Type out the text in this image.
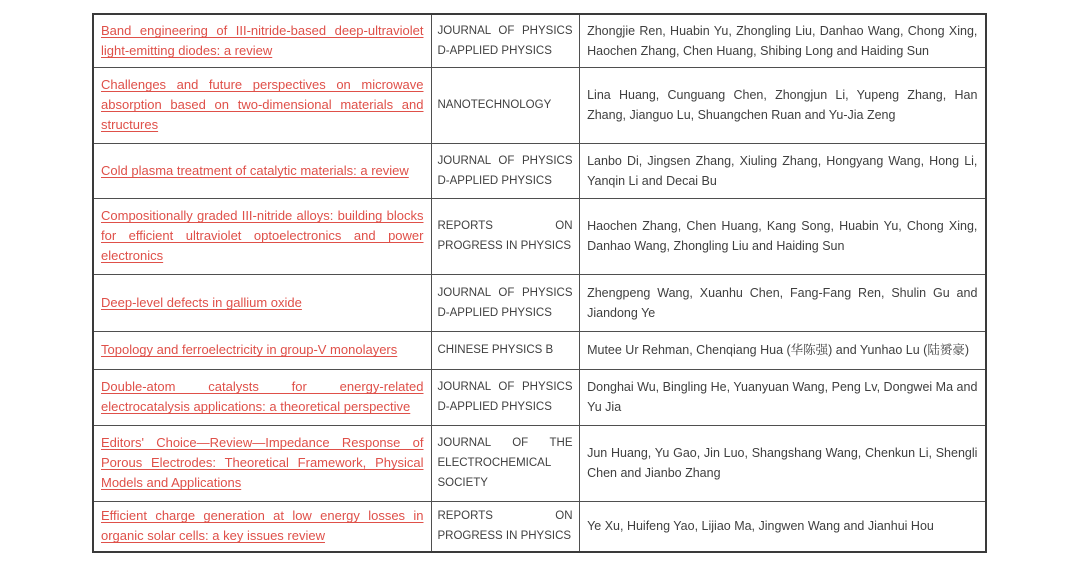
Band engineering of III-nitride-based deep-ultraviolet light-emitting diodes: a review	JOURNAL OF PHYSICS D-APPLIED PHYSICS	Zhongjie Ren, Huabin Yu, Zhongling Liu, Danhao Wang, Chong Xing, Haochen Zhang, Chen Huang, Shibing Long and Haiding Sun
Challenges and future perspectives on microwave absorption based on two-dimensional materials and structures	NANOTECHNOLOGY	Lina Huang, Cunguang Chen, Zhongjun Li, Yupeng Zhang, Han Zhang, Jianguo Lu, Shuangchen Ruan and Yu-Jia Zeng
Cold plasma treatment of catalytic materials: a review	JOURNAL OF PHYSICS D-APPLIED PHYSICS	Lanbo Di, Jingsen Zhang, Xiuling Zhang, Hongyang Wang, Hong Li, Yanqin Li and Decai Bu
Compositionally graded III-nitride alloys: building blocks for efficient ultraviolet optoelectronics and power electronics	REPORTS ON PROGRESS IN PHYSICS	Haochen Zhang, Chen Huang, Kang Song, Huabin Yu, Chong Xing, Danhao Wang, Zhongling Liu and Haiding Sun
Deep-level defects in gallium oxide	JOURNAL OF PHYSICS D-APPLIED PHYSICS	Zhengpeng Wang, Xuanhu Chen, Fang-Fang Ren, Shulin Gu and Jiandong Ye
Topology and ferroelectricity in group-V monolayers	CHINESE PHYSICS B	Mutee Ur Rehman, Chenqiang Hua (华陈强) and Yunhao Lu (陆赟豪)
Double-atom catalysts for energy-related electrocatalysis applications: a theoretical perspective	JOURNAL OF PHYSICS D-APPLIED PHYSICS	Donghai Wu, Bingling He, Yuanyuan Wang, Peng Lv, Dongwei Ma and Yu Jia
Editors' Choice—Review—Impedance Response of Porous Electrodes: Theoretical Framework, Physical Models and Applications	JOURNAL OF THE ELECTROCHEMICAL SOCIETY	Jun Huang, Yu Gao, Jin Luo, Shangshang Wang, Chenkun Li, Shengli Chen and Jianbo Zhang
Efficient charge generation at low energy losses in organic solar cells: a key issues review	REPORTS ON PROGRESS IN PHYSICS	Ye Xu, Huifeng Yao, Lijiao Ma, Jingwen Wang and Jianhui Hou
